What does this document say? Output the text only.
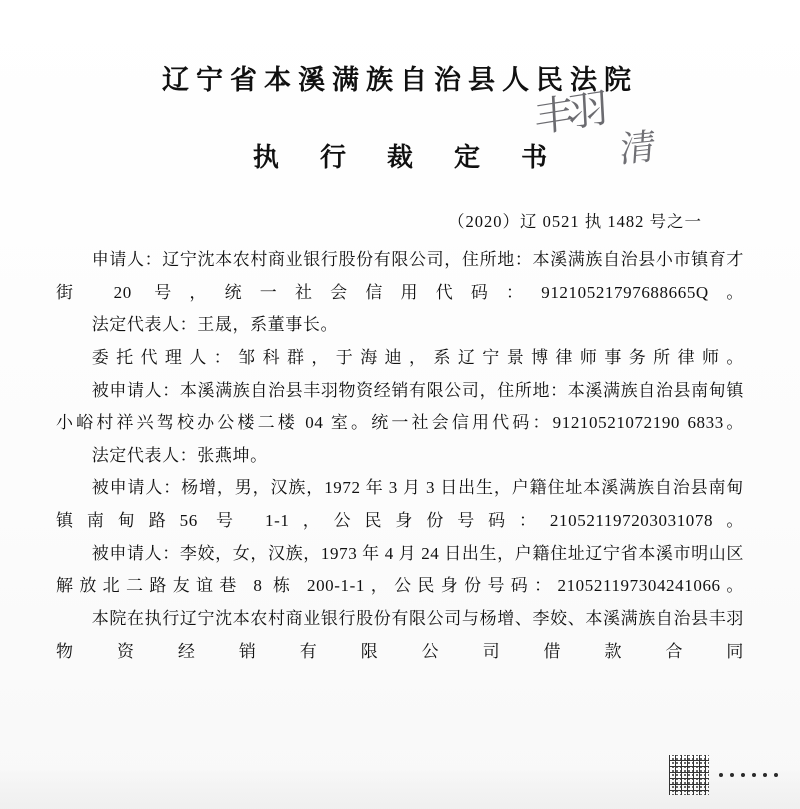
辽宁省本溪满族自治县人民法院
执 行 裁 定 书
丰羽
清
（2020）辽 0521 执 1482 号之一

申请人：辽宁沈本农村商业银行股份有限公司，住所地：本溪满族自治县小市镇育才街 20 号，统一社会信用代码：91210521797688665Q。

法定代表人：王晟，系董事长。

委托代理人：邹科群，于海迪，系辽宁景博律师事务所律师。

被申请人：本溪满族自治县丰羽物资经销有限公司，住所地：本溪满族自治县南甸镇小峪村祥兴驾校办公楼二楼 04 室。统一社会信用代码：91210521072190 6833。

法定代表人：张燕坤。

被申请人：杨增，男，汉族，1972 年 3 月 3 日出生，户籍住址本溪满族自治县南甸镇南甸路56 号 1-1，公民身份号码：210521197203031078。

被申请人：李姣，女，汉族，1973 年 4 月 24 日出生，户籍住址辽宁省本溪市明山区解放北二路友谊巷 8 栋 200-1-1，公民身份号码：210521197304241066。

本院在执行辽宁沈本农村商业银行股份有限公司与杨增、李姣、本溪满族自治县丰羽物资经销有限公司借款合同
